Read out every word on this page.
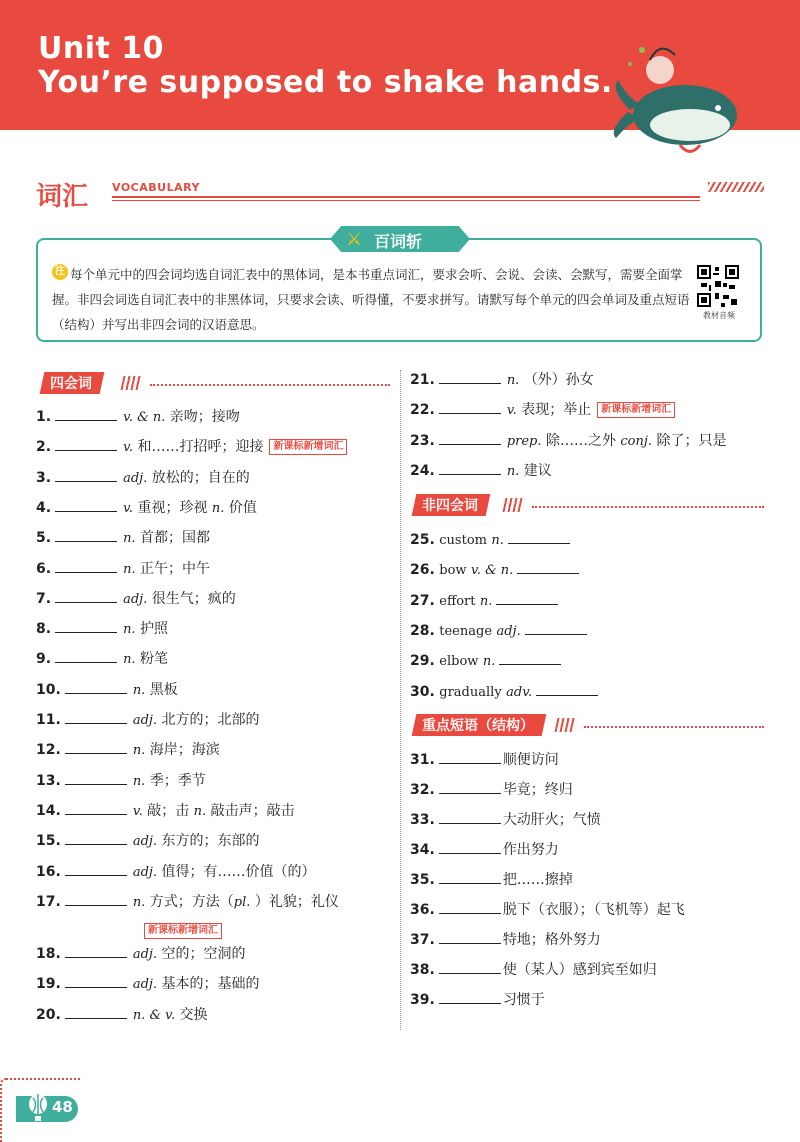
Unit 10
You’re supposed to shake hands.
词汇 VOCABULARY
⚔ 百词斩
注 每个单元中的四会词均选自词汇表中的黑体词，是本书重点词汇，要求会听、会说、会读、会默写，需要全面掌握。非四会词选自词汇表中的非黑体词，只要求会读、听得懂，不要求拼写。请默写每个单元的四会单词及重点短语（结构）并写出非四会词的汉语意思。
教材音频
四会词
非四会词
重点短语（结构）
1.	v. & n. 亲吻；接吻
2.	v. 和……打招呼；迎接 新课标新增词汇
3.	adj. 放松的；自在的
4.	v. 重视；珍视 n. 价值
5.	n. 首都；国都
6.	n. 正午；中午
7.	adj. 很生气；疯的
8.	n. 护照
9.	n. 粉笔
10.	n. 黑板
11.	adj. 北方的；北部的
12.	n. 海岸；海滨
13.	n. 季；季节
14.	v. 敲；击 n. 敲击声；敲击
15.	adj. 东方的；东部的
16.	adj. 值得；有……价值（的）
17.	n. 方式；方法（pl. ）礼貌；礼仪
18.	adj. 空的；空洞的
19.	adj. 基本的；基础的
20.	n. & v. 交换
21.	n. （外）孙女
22.	v. 表现；举止 新课标新增词汇
23.	prep. 除……之外 conj. 除了；只是
24.	n. 建议
25. custom n.
26. bow v. & n.
27. effort n.
28. teenage adj.
29. elbow n.
30. gradually adv.
31.	顺便访问
32.	毕竟；终归
33.	大动肝火；气愤
34.	作出努力
35.	把……擦掉
36.	脱下（衣服）；（飞机等）起飞
37.	特地；格外努力
38.	使（某人）感到宾至如归
39.	习惯于
新课标新增词汇
48
